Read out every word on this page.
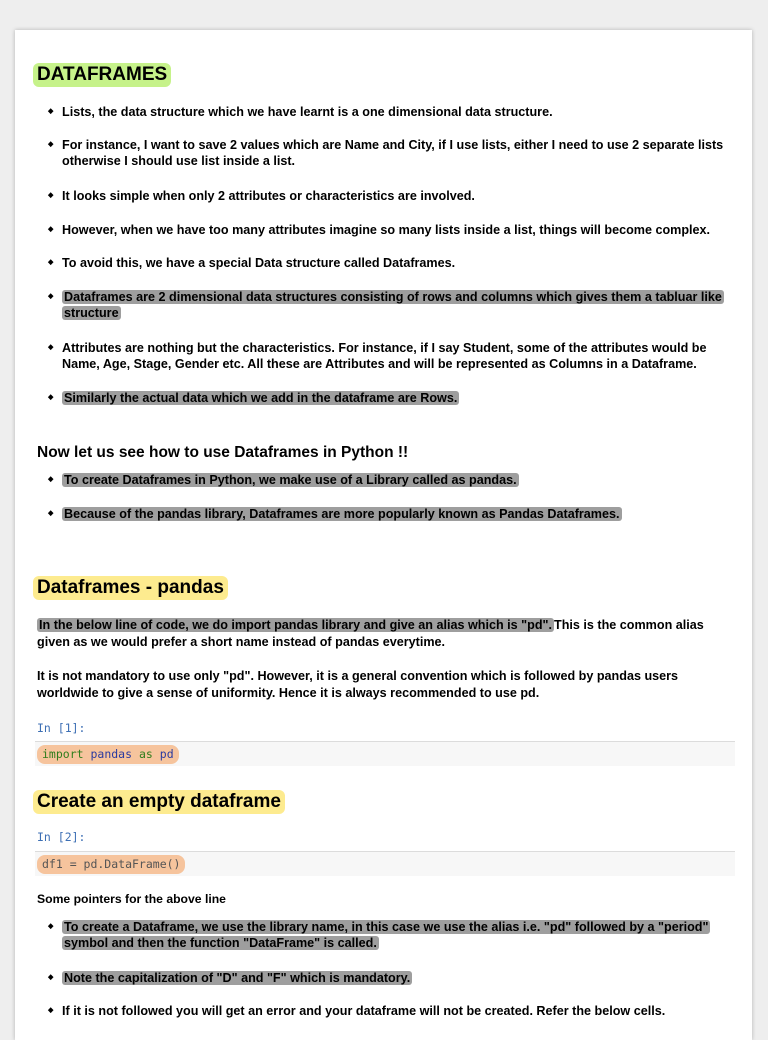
DATAFRAMES
◆ Lists, the data structure which we have learnt is a one dimensional data structure.
◆ For instance, I want to save 2 values which are Name and City, if I use lists, either I need to use 2 separate lists otherwise I should use list inside a list.
◆ It looks simple when only 2 attributes or characteristics are involved.
◆ However, when we have too many attributes imagine so many lists inside a list, things will become complex.
◆ To avoid this, we have a special Data structure called Dataframes.
◆ Dataframes are 2 dimensional data structures consisting of rows and columns which gives them a tabluar like structure
◆ Attributes are nothing but the characteristics. For instance, if I say Student, some of the attributes would be Name, Age, Stage, Gender etc. All these are Attributes and will be represented as Columns in a Dataframe.
◆ Similarly the actual data which we add in the dataframe are Rows.
Now let us see how to use Dataframes in Python !!
◆ To create Dataframes in Python, we make use of a Library called as pandas.
◆ Because of the pandas library, Dataframes are more popularly known as Pandas Dataframes.
Dataframes - pandas
In the below line of code, we do import pandas library and give an alias which is "pd". This is the common alias given as we would prefer a short name instead of pandas everytime.
It is not mandatory to use only "pd". However, it is a general convention which is followed by pandas users worldwide to give a sense of uniformity. Hence it is always recommended to use pd.
In [1]:
import pandas as pd
Create an empty dataframe
In [2]:
df1 = pd.DataFrame()
Some pointers for the above line
◆ To create a Dataframe, we use the library name, in this case we use the alias i.e. "pd" followed by a "period" symbol and then the function "DataFrame" is called.
◆ Note the capitalization of "D" and "F" which is mandatory.
◆ If it is not followed you will get an error and your dataframe will not be created. Refer the below cells.
